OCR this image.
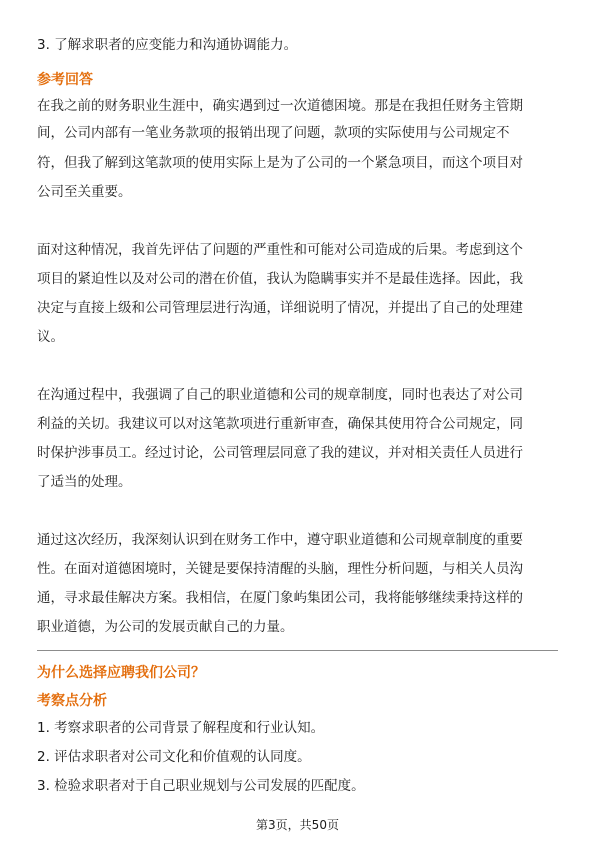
3. 了解求职者的应变能力和沟通协调能力。
参考回答
在我之前的财务职业生涯中，确实遇到过一次道德困境。那是在我担任财务主管期
间，公司内部有一笔业务款项的报销出现了问题，款项的实际使用与公司规定不
符，但我了解到这笔款项的使用实际上是为了公司的一个紧急项目，而这个项目对
公司至关重要。
面对这种情况，我首先评估了问题的严重性和可能对公司造成的后果。考虑到这个
项目的紧迫性以及对公司的潜在价值，我认为隐瞒事实并不是最佳选择。因此，我
决定与直接上级和公司管理层进行沟通，详细说明了情况，并提出了自己的处理建
议。
在沟通过程中，我强调了自己的职业道德和公司的规章制度，同时也表达了对公司
利益的关切。我建议可以对这笔款项进行重新审查，确保其使用符合公司规定，同
时保护涉事员工。经过讨论，公司管理层同意了我的建议，并对相关责任人员进行
了适当的处理。
通过这次经历，我深刻认识到在财务工作中，遵守职业道德和公司规章制度的重要
性。在面对道德困境时，关键是要保持清醒的头脑，理性分析问题，与相关人员沟
通，寻求最佳解决方案。我相信，在厦门象屿集团公司，我将能够继续秉持这样的
职业道德，为公司的发展贡献自己的力量。
为什么选择应聘我们公司？
考察点分析
1. 考察求职者的公司背景了解程度和行业认知。
2. 评估求职者对公司文化和价值观的认同度。
3. 检验求职者对于自己职业规划与公司发展的匹配度。
第3页，共50页
